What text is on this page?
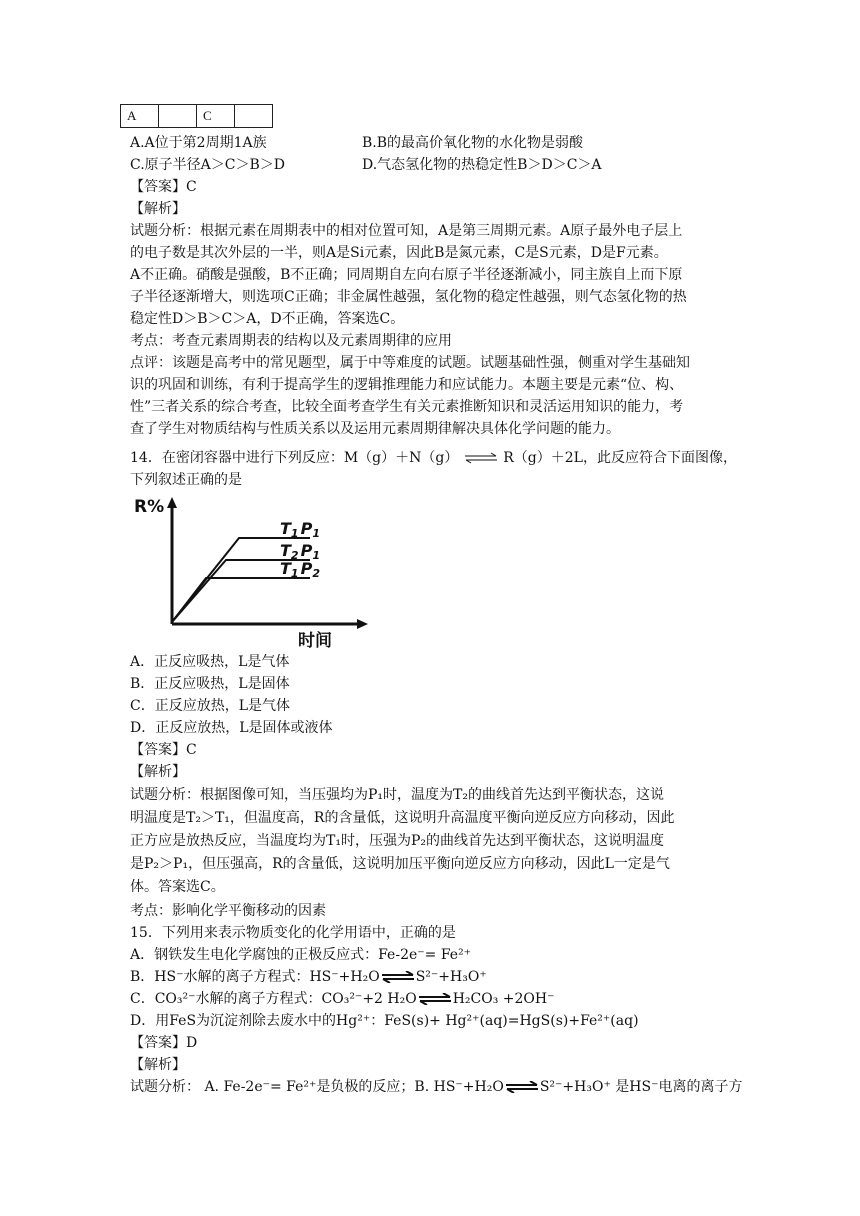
A		C	
A.A位于第2周期1A族	B.B的最高价氧化物的水化物是弱酸
C.原子半径A＞C＞B＞D	D.气态氢化物的热稳定性B＞D＞C＞A
【答案】C
【解析】
试题分析：根据元素在周期表中的相对位置可知，A是第三周期元素。A原子最外电子层上
的电子数是其次外层的一半，则A是Si元素，因此B是氮元素，C是S元素，D是F元素。
A不正确。硝酸是强酸，B不正确；同周期自左向右原子半径逐渐减小，同主族自上而下原
子半径逐渐增大，则选项C正确；非金属性越强，氢化物的稳定性越强，则气态氢化物的热
稳定性D＞B＞C＞A，D不正确，答案选C。
考点：考查元素周期表的结构以及元素周期律的应用
点评：该题是高考中的常见题型，属于中等难度的试题。试题基础性强，侧重对学生基础知
识的巩固和训练，有利于提高学生的逻辑推理能力和应试能力。本题主要是元素“位、构、
性”三者关系的综合考查，比较全面考查学生有关元素推断知识和灵活运用知识的能力，考
查了学生对物质结构与性质关系以及运用元素周期律解决具体化学问题的能力。
14．在密闭容器中进行下列反应：M（g）＋N（g） ⇌ R（g）＋2L，此反应符合下面图像，
下列叙述正确的是
R%
时间
T1 P1
T2 P1
T1 P2
A．正反应吸热，L是气体
B．正反应吸热，L是固体
C．正反应放热，L是气体
D．正反应放热，L是固体或液体
【答案】C
【解析】
试题分析：根据图像可知，当压强均为P₁时，温度为T₂的曲线首先达到平衡状态，这说
明温度是T₂＞T₁，但温度高，R的含量低，这说明升高温度平衡向逆反应方向移动，因此
正方应是放热反应，当温度均为T₁时，压强为P₂的曲线首先达到平衡状态，这说明温度
是P₂＞P₁，但压强高，R的含量低，这说明加压平衡向逆反应方向移动，因此L一定是气
体。答案选C。
考点：影响化学平衡移动的因素
15．下列用来表示物质变化的化学用语中，正确的是
A．钢铁发生电化学腐蚀的正极反应式：Fe-2e⁻= Fe²⁺
B．HS⁻水解的离子方程式：HS⁻+H₂O⇌S²⁻+H₃O⁺
C．CO₃²⁻水解的离子方程式：CO₃²⁻+2 H₂O⇌H₂CO₃ +2OH⁻
D．用FeS为沉淀剂除去废水中的Hg²⁺：FeS(s)+ Hg²⁺(aq)=HgS(s)+Fe²⁺(aq)
【答案】D
【解析】
试题分析： A. Fe-2e⁻= Fe²⁺是负极的反应；B. HS⁻+H₂O⇌S²⁻+H₃O⁺ 是HS⁻电离的离子方
